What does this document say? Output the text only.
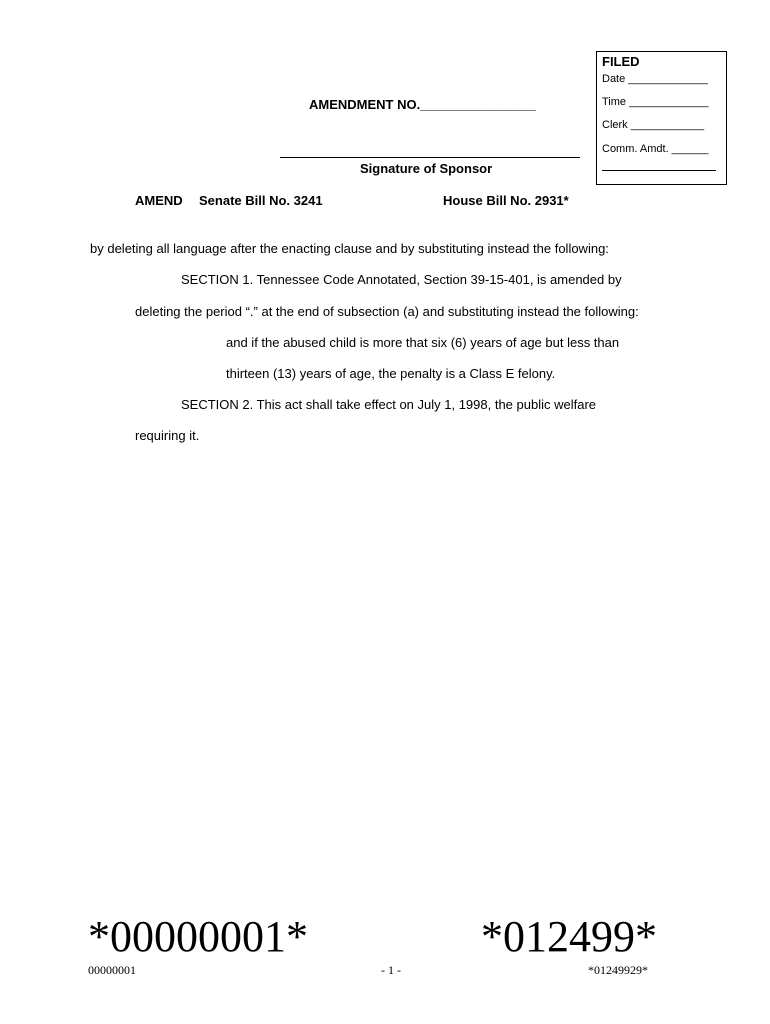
FILED
Date _____________
Time _____________
Clerk ____________
Comm. Amdt. ______
AMENDMENT NO.________________
Signature of Sponsor
AMEND Senate Bill No. 3241	House Bill No. 2931*
by deleting all language after the enacting clause and by substituting instead the following:
SECTION 1. Tennessee Code Annotated, Section 39-15-401, is amended by
deleting the period “.” at the end of subsection (a) and substituting instead the following:
and if the abused child is more that six (6) years of age but less than
thirteen (13) years of age, the penalty is a Class E felony.
SECTION 2. This act shall take effect on July 1, 1998, the public welfare
requiring it.
*00000001*	*012499*
00000001	- 1 -	*01249929*
